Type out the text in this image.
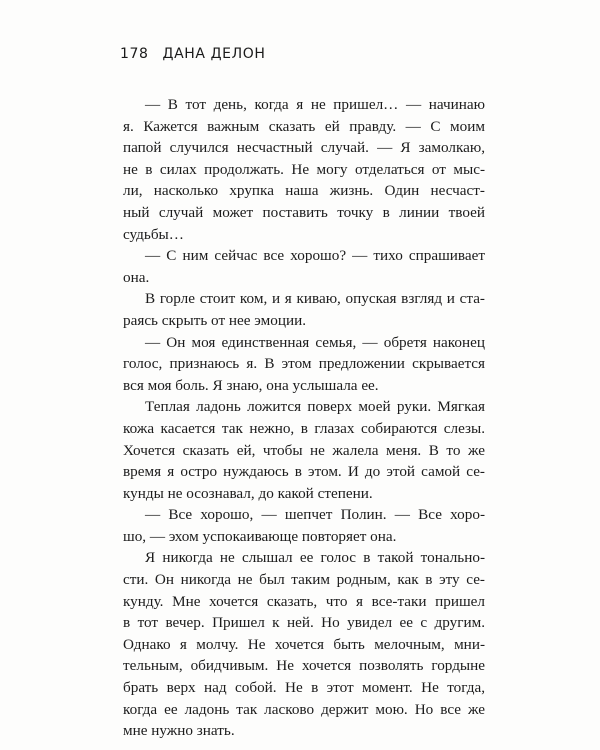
178 ДАНА ДЕЛОН
— В тот день, когда я не пришел… — начинаю
я. Кажется важным сказать ей правду. — С моим
папой случился несчастный случай. — Я замолкаю,
не в силах продолжать. Не могу отделаться от мыс-
ли, насколько хрупка наша жизнь. Один несчаст-
ный случай может поставить точку в линии твоей
судьбы…
— С ним сейчас все хорошо? — тихо спрашивает
она.
В горле стоит ком, и я киваю, опуская взгляд и ста-
раясь скрыть от нее эмоции.
— Он моя единственная семья, — обретя наконец
голос, признаюсь я. В этом предложении скрывается
вся моя боль. Я знаю, она услышала ее.
Теплая ладонь ложится поверх моей руки. Мягкая
кожа касается так нежно, в глазах собираются слезы.
Хочется сказать ей, чтобы не жалела меня. В то же
время я остро нуждаюсь в этом. И до этой самой се-
кунды не осознавал, до какой степени.
— Все хорошо, — шепчет Полин. — Все хоро-
шо, — эхом успокаивающе повторяет она.
Я никогда не слышал ее голос в такой тонально-
сти. Он никогда не был таким родным, как в эту се-
кунду. Мне хочется сказать, что я все-таки пришел
в тот вечер. Пришел к ней. Но увидел ее с другим.
Однако я молчу. Не хочется быть мелочным, мни-
тельным, обидчивым. Не хочется позволять гордыне
брать верх над собой. Не в этот момент. Не тогда,
когда ее ладонь так ласково держит мою. Но все же
мне нужно знать.
